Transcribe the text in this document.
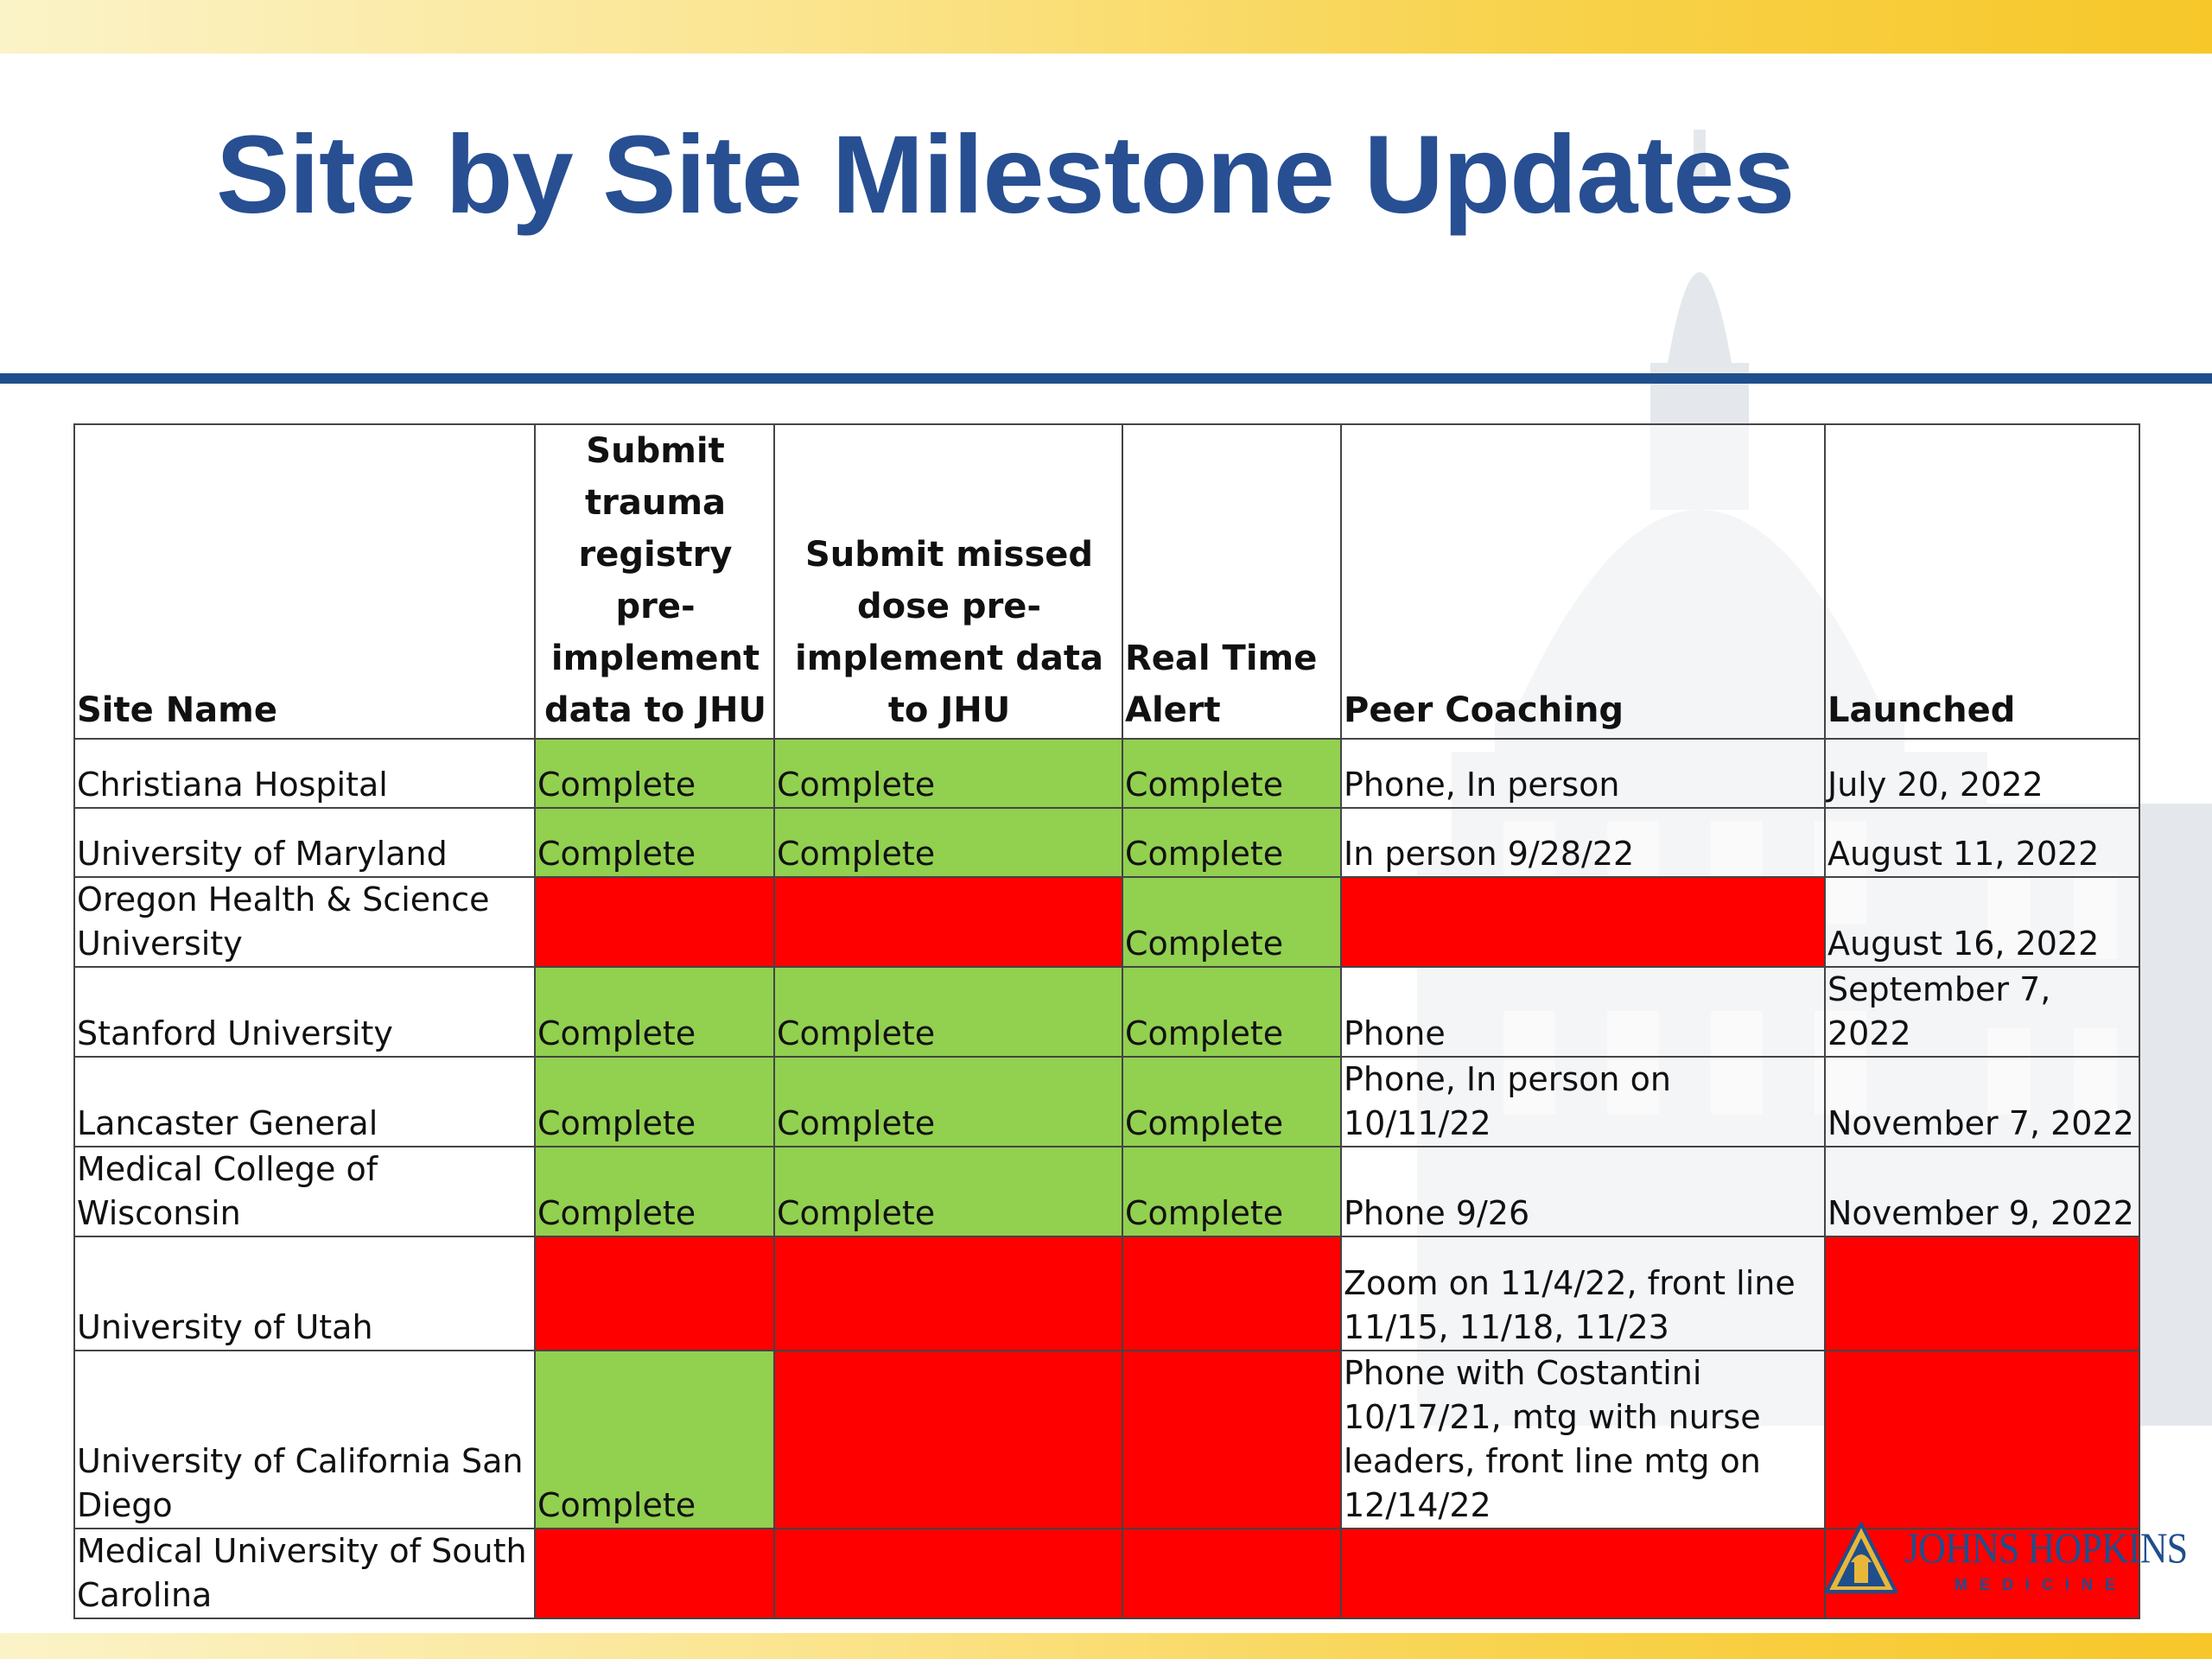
Site by Site Milestone Updates
Site Name	Submit trauma registry pre-implement data to JHU	Submit missed dose pre-implement data to JHU	Real Time Alert	Peer Coaching	Launched
Christiana Hospital	Complete	Complete	Complete	Phone, In person	July 20, 2022
University of Maryland	Complete	Complete	Complete	In person 9/28/22	August 11, 2022
Oregon Health & Science University			Complete		August 16, 2022
Stanford University	Complete	Complete	Complete	Phone	September 7, 2022
Lancaster General	Complete	Complete	Complete	Phone, In person on 10/11/22	November 7, 2022
Medical College of Wisconsin	Complete	Complete	Complete	Phone 9/26	November 9, 2022
University of Utah				Zoom on 11/4/22, front line 11/15, 11/18, 11/23	
University of California San Diego	Complete			Phone with Costantini 10/17/21, mtg with nurse leaders, front line mtg on 12/14/22	
Medical University of South Carolina					
JOHNS HOPKINS
MEDICINE
